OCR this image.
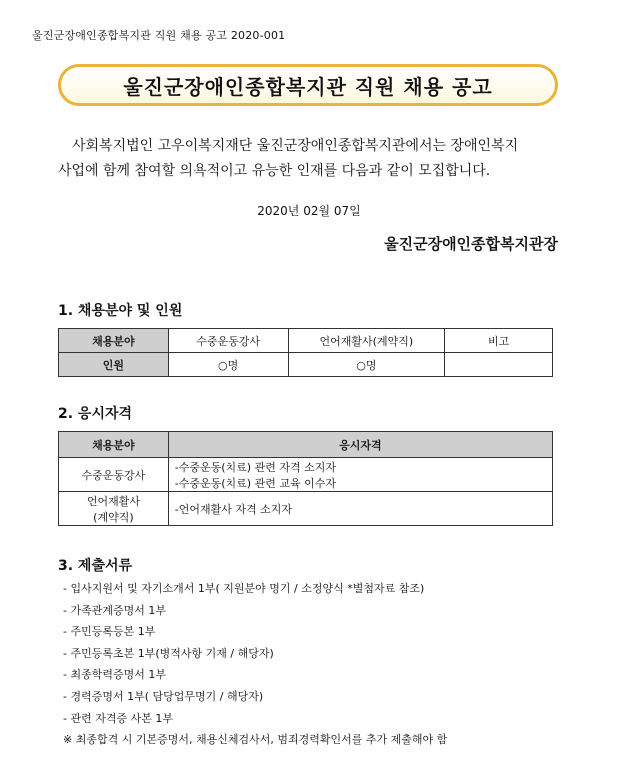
울진군장애인종합복지관 직원 채용 공고 2020-001
울진군장애인종합복지관 직원 채용 공고

사회복지법인 고우이복지재단 울진군장애인종합복지관에서는 장애인복지

사업에 함께 참여할 의욕적이고 유능한 인재를 다음과 같이 모집합니다.

2020년 02월 07일
울진군장애인종합복지관장
1. 채용분야 및 인원
채용분야	수중운동강사	언어재활사(계약직)	비고
인원	○명	○명	
2. 응시자격
채용분야	응시자격
수중운동강사	-수중운동(치료) 관련 자격 소지자
-수중운동(치료) 관련 교육 이수자

언어재활사
(계약직)	-언어재활사 자격 소지자
3. 제출서류
- 입사지원서 및 자기소개서 1부( 지원분야 명기 / 소정양식 *별첨자료 참조)
- 가족관계증명서 1부
- 주민등록등본 1부
- 주민등록초본 1부(병적사항 기재 / 해당자)
- 최종학력증명서 1부
- 경력증명서 1부( 담당업무명기 / 해당자)
- 관련 자격증 사본 1부
※ 최종합격 시 기본증명서, 채용신체검사서, 범죄경력확인서를 추가 제출해야 함
